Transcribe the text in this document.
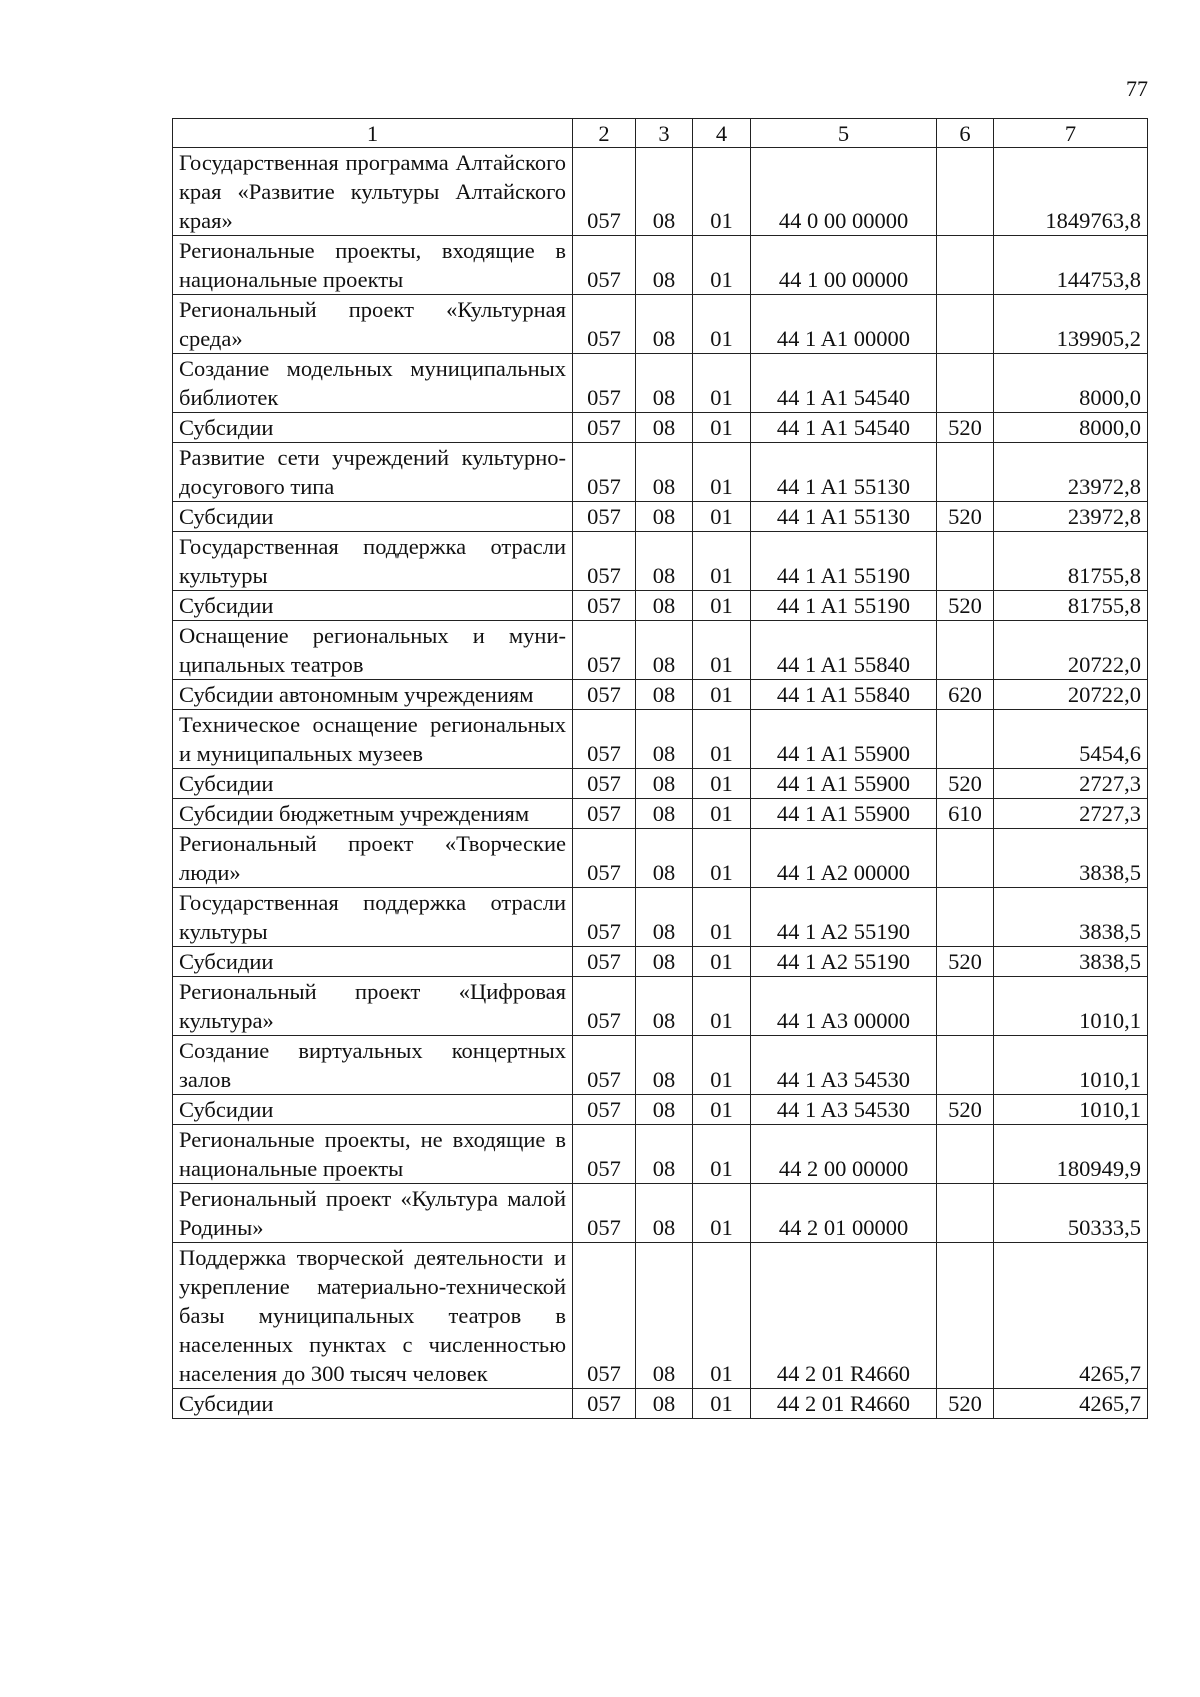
77
1	2	3	4	5	6	7
Государственная программа Алтайского края «Развитие культуры Алтайского края»	057	08	01	44 0 00 00000		1849763,8
Региональные проекты, входящие в национальные проекты	057	08	01	44 1 00 00000		144753,8
Региональный проект «Культурная среда»	057	08	01	44 1 A1 00000		139905,2
Создание модельных муниципальных библиотек	057	08	01	44 1 A1 54540		8000,0
Субсидии	057	08	01	44 1 A1 54540	520	8000,0
Развитие сети учреждений культурно-досугового типа	057	08	01	44 1 A1 55130		23972,8
Субсидии	057	08	01	44 1 A1 55130	520	23972,8
Государственная поддержка отрасли культуры	057	08	01	44 1 A1 55190		81755,8
Субсидии	057	08	01	44 1 A1 55190	520	81755,8
Оснащение региональных и муниципальных театров	057	08	01	44 1 A1 55840		20722,0
Субсидии автономным учреждениям	057	08	01	44 1 A1 55840	620	20722,0
Техническое оснащение региональных и муниципальных музеев	057	08	01	44 1 A1 55900		5454,6
Субсидии	057	08	01	44 1 A1 55900	520	2727,3
Субсидии бюджетным учреждениям	057	08	01	44 1 A1 55900	610	2727,3
Региональный проект «Творческие люди»	057	08	01	44 1 A2 00000		3838,5
Государственная поддержка отрасли культуры	057	08	01	44 1 A2 55190		3838,5
Субсидии	057	08	01	44 1 A2 55190	520	3838,5
Региональный проект «Цифровая культура»	057	08	01	44 1 A3 00000		1010,1
Создание виртуальных концертных залов	057	08	01	44 1 A3 54530		1010,1
Субсидии	057	08	01	44 1 A3 54530	520	1010,1
Региональные проекты, не входящие в национальные проекты	057	08	01	44 2 00 00000		180949,9
Региональный проект «Культура малой Родины»	057	08	01	44 2 01 00000		50333,5
Поддержка творческой деятельности и укрепление материально-технической базы муниципальных театров в населенных пунктах с численностью населения до 300 тысяч человек	057	08	01	44 2 01 R4660		4265,7
Субсидии	057	08	01	44 2 01 R4660	520	4265,7
